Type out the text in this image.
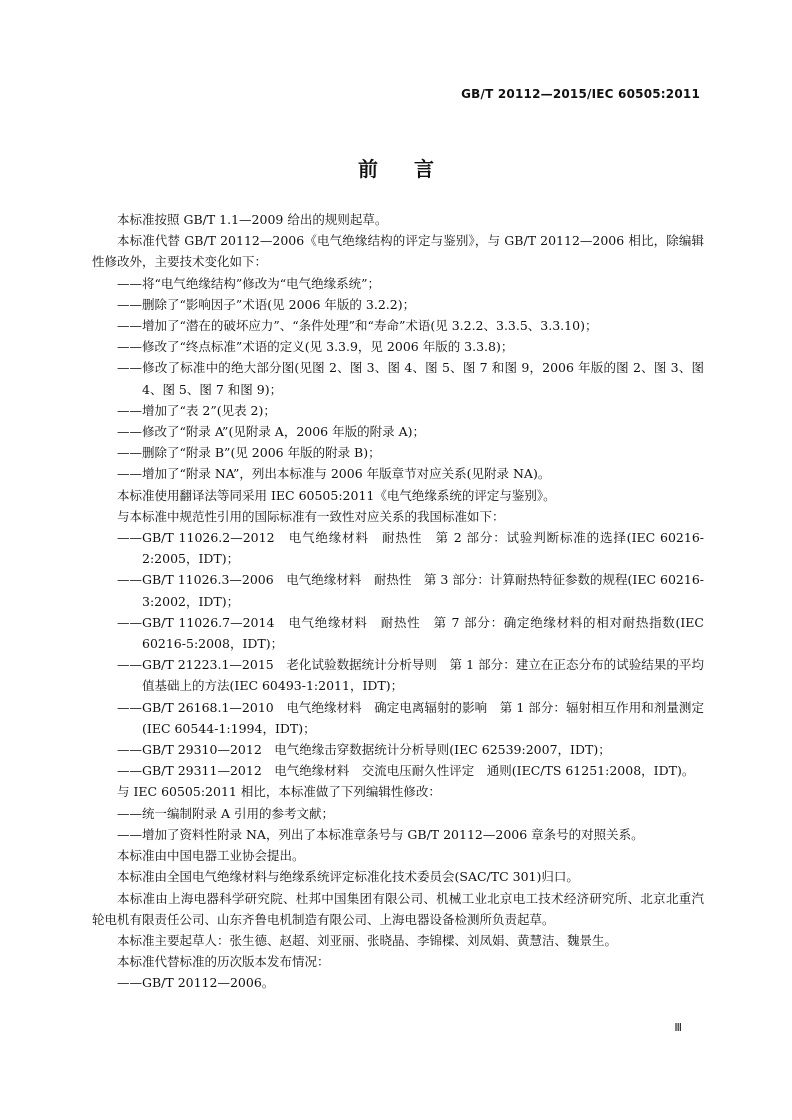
GB/T 20112—2015/IEC 60505:2011
前言
本标准按照 GB/T 1.1—2009 给出的规则起草。
本标准代替 GB/T 20112—2006《电气绝缘结构的评定与鉴别》，与 GB/T 20112—2006 相比，除编辑性修改外，主要技术变化如下：
——将“电气绝缘结构”修改为“电气绝缘系统”；
——删除了“影响因子”术语(见 2006 年版的 3.2.2)；
——增加了“潜在的破坏应力”、“条件处理”和“寿命”术语(见 3.2.2、3.3.5、3.3.10)；
——修改了“终点标准”术语的定义(见 3.3.9，见 2006 年版的 3.3.8)；
——修改了标准中的绝大部分图(见图 2、图 3、图 4、图 5、图 7 和图 9，2006 年版的图 2、图 3、图 4、图 5、图 7 和图 9)；
——增加了“表 2”(见表 2)；
——修改了“附录 A”(见附录 A，2006 年版的附录 A)；
——删除了“附录 B”(见 2006 年版的附录 B)；
——增加了“附录 NA”，列出本标准与 2006 年版章节对应关系(见附录 NA)。
本标准使用翻译法等同采用 IEC 60505:2011《电气绝缘系统的评定与鉴别》。
与本标准中规范性引用的国际标准有一致性对应关系的我国标准如下：
——GB/T 11026.2—2012　电气绝缘材料　耐热性　第 2 部分：试验判断标准的选择(IEC 60216-2:2005，IDT)；
——GB/T 11026.3—2006　电气绝缘材料　耐热性　第 3 部分：计算耐热特征参数的规程(IEC 60216-3:2002，IDT)；
——GB/T 11026.7—2014　电气绝缘材料　耐热性　第 7 部分：确定绝缘材料的相对耐热指数(IEC 60216-5:2008，IDT)；
——GB/T 21223.1—2015　老化试验数据统计分析导则　第 1 部分：建立在正态分布的试验结果的平均值基础上的方法(IEC 60493-1:2011，IDT)；
——GB/T 26168.1—2010　电气绝缘材料　确定电离辐射的影响　第 1 部分：辐射相互作用和剂量测定(IEC 60544-1:1994，IDT)；
——GB/T 29310—2012　电气绝缘击穿数据统计分析导则(IEC 62539:2007，IDT)；
——GB/T 29311—2012　电气绝缘材料　交流电压耐久性评定　通则(IEC/TS 61251:2008，IDT)。
与 IEC 60505:2011 相比，本标准做了下列编辑性修改：
——统一编制附录 A 引用的参考文献；
——增加了资料性附录 NA，列出了本标准章条号与 GB/T 20112—2006 章条号的对照关系。
本标准由中国电器工业协会提出。
本标准由全国电气绝缘材料与绝缘系统评定标准化技术委员会(SAC/TC 301)归口。
本标准由上海电器科学研究院、杜邦中国集团有限公司、机械工业北京电工技术经济研究所、北京北重汽轮电机有限责任公司、山东齐鲁电机制造有限公司、上海电器设备检测所负责起草。
本标准主要起草人：张生德、赵超、刘亚丽、张晓晶、李锦樑、刘凤娟、黄慧洁、魏景生。
本标准代替标准的历次版本发布情况：
——GB/T 20112—2006。
Ⅲ
